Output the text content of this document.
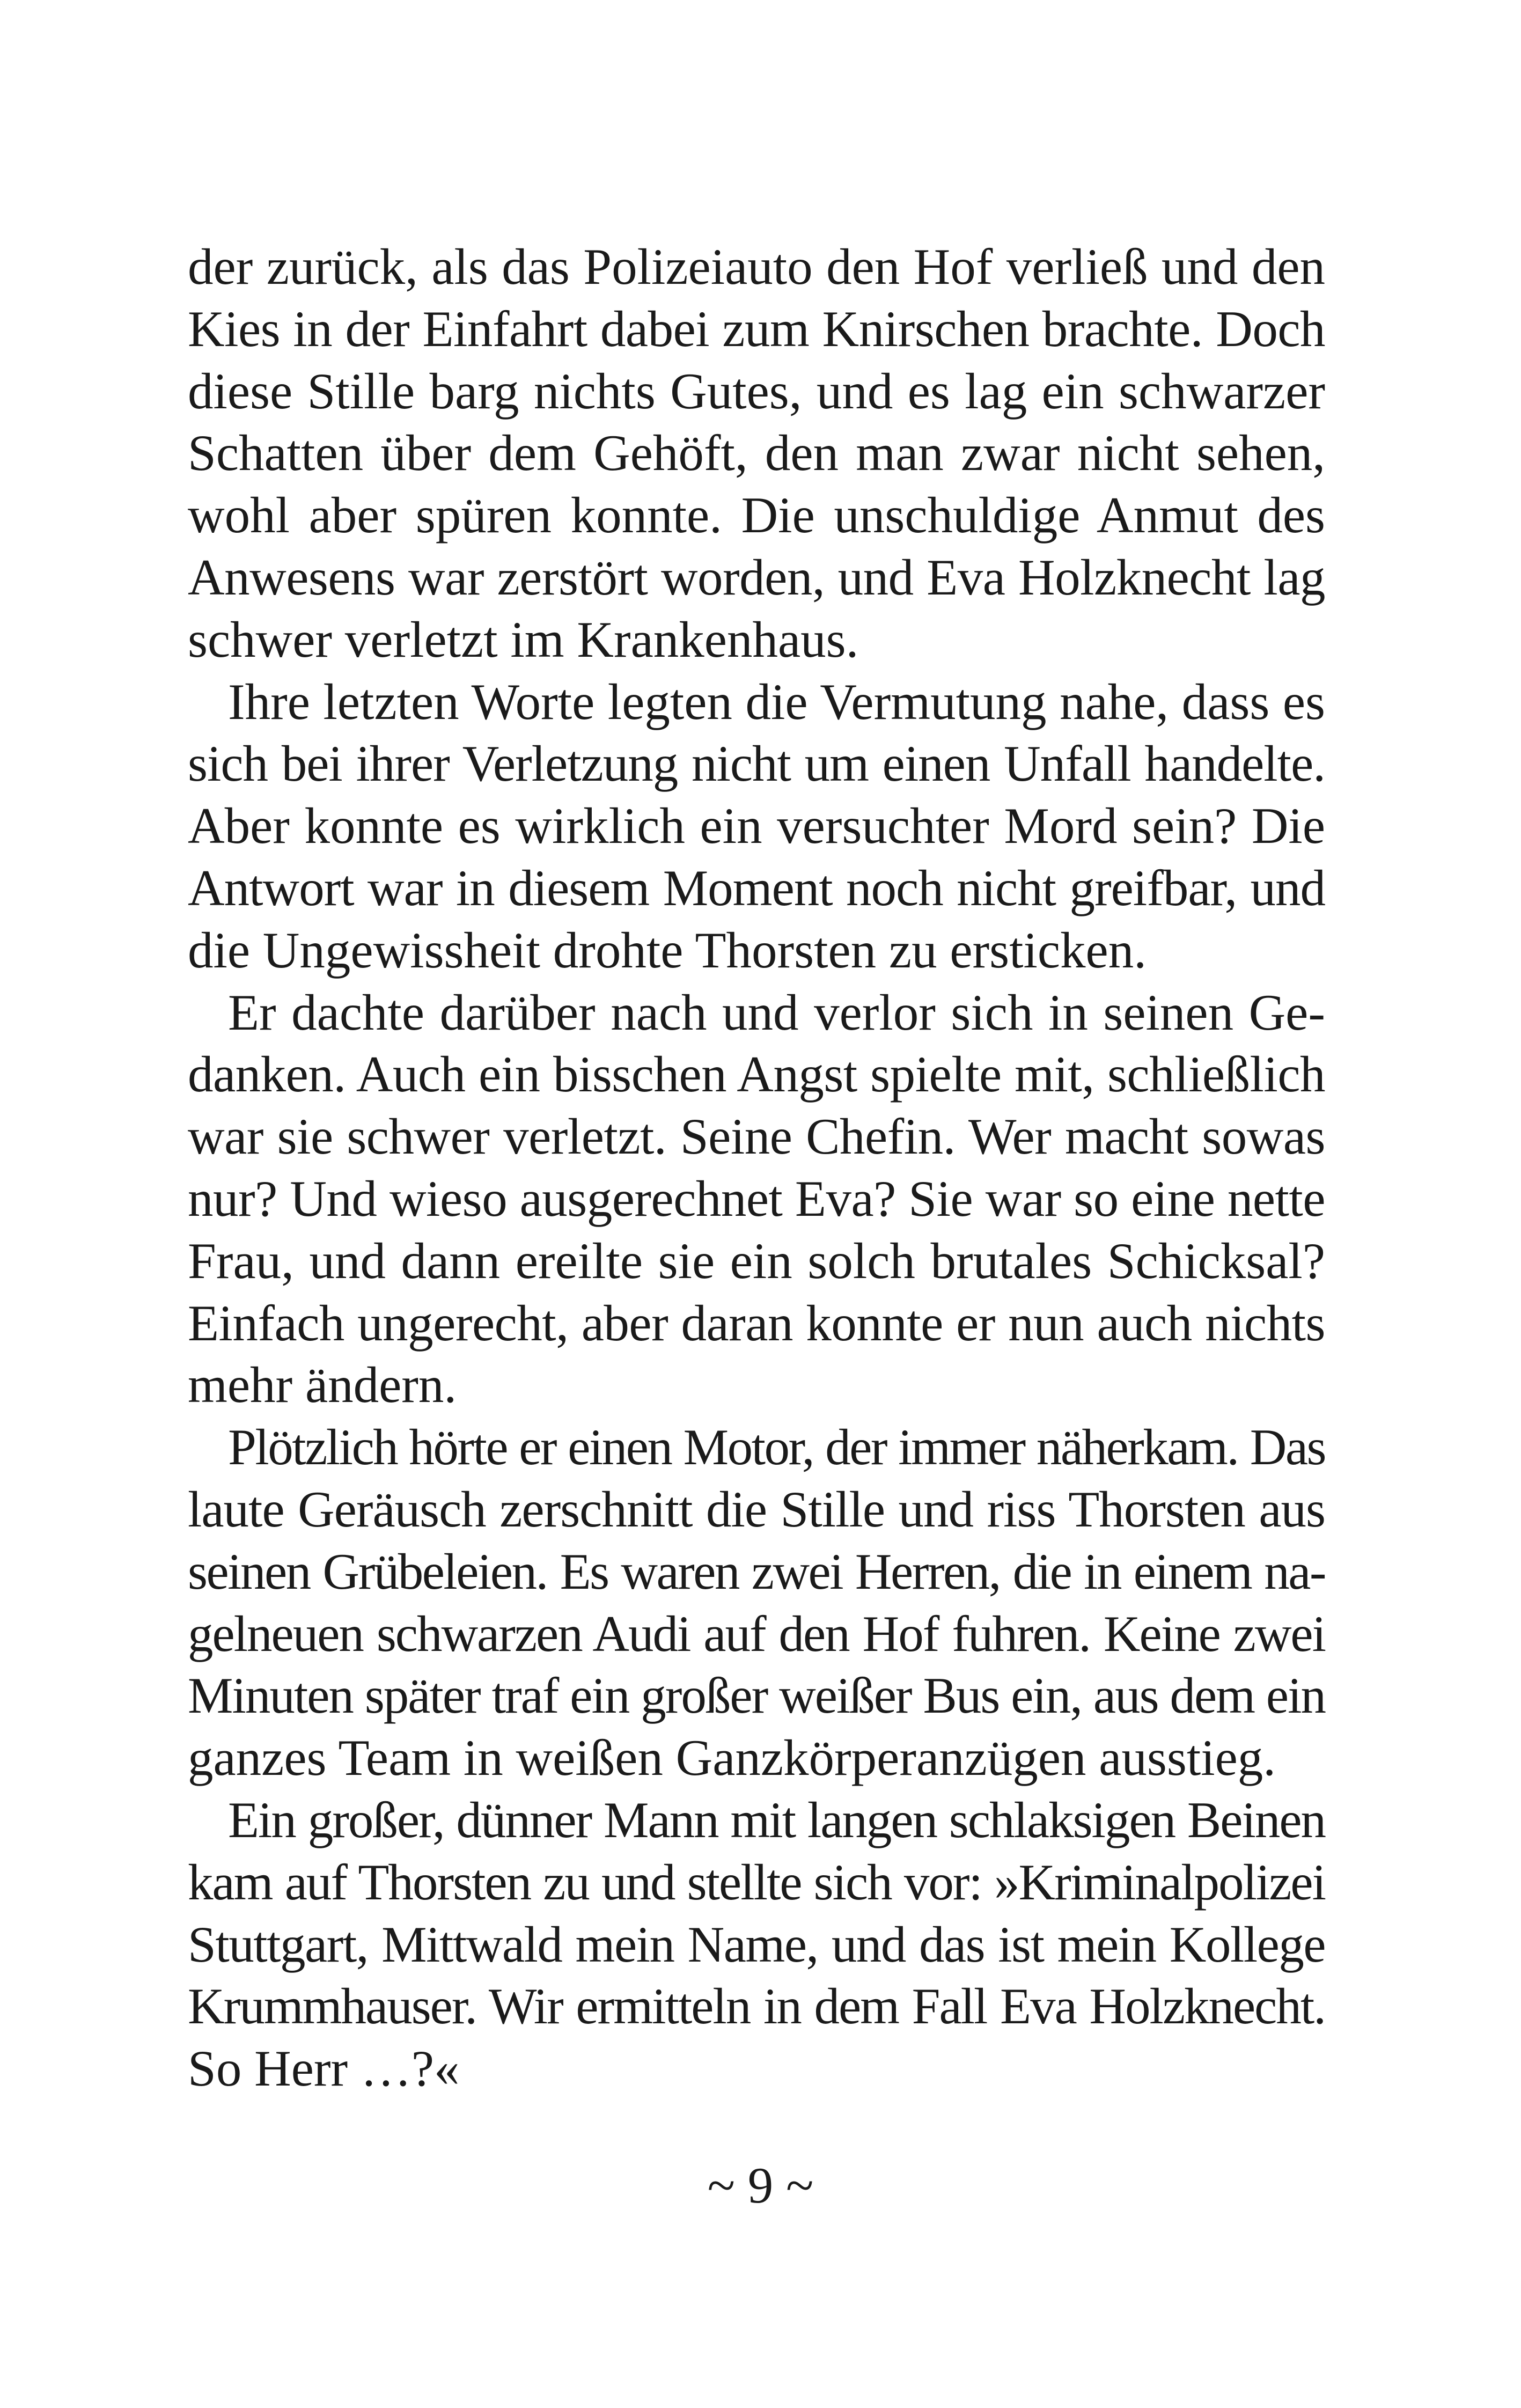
der zurück, als das Polizeiauto den Hof verließ und den
Kies in der Einfahrt dabei zum Knirschen brachte. Doch
diese Stille barg nichts Gutes, und es lag ein schwarzer
Schatten über dem Gehöft, den man zwar nicht sehen,
wohl aber spüren konnte. Die unschuldige Anmut des
Anwesens war zerstört worden, und Eva Holzknecht lag
schwer verletzt im Krankenhaus.

Ihre letzten Worte legten die Vermutung nahe, dass es
sich bei ihrer Verletzung nicht um einen Unfall handelte.
Aber konnte es wirklich ein versuchter Mord sein? Die
Antwort war in diesem Moment noch nicht greifbar, und
die Ungewissheit drohte Thorsten zu ersticken.

Er dachte darüber nach und verlor sich in seinen Ge-
danken. Auch ein bisschen Angst spielte mit, schließlich
war sie schwer verletzt. Seine Chefin. Wer macht sowas
nur? Und wieso ausgerechnet Eva? Sie war so eine nette
Frau, und dann ereilte sie ein solch brutales Schicksal?
Einfach ungerecht, aber daran konnte er nun auch nichts
mehr ändern.

Plötzlich hörte er einen Motor, der immer näherkam. Das
laute Geräusch zerschnitt die Stille und riss Thorsten aus
seinen Grübeleien. Es waren zwei Herren, die in einem na-
gelneuen schwarzen Audi auf den Hof fuhren. Keine zwei
Minuten später traf ein großer weißer Bus ein, aus dem ein
ganzes Team in weißen Ganzkörperanzügen ausstieg.

Ein großer, dünner Mann mit langen schlaksigen Beinen
kam auf Thorsten zu und stellte sich vor: »Kriminalpolizei
Stuttgart, Mittwald mein Name, und das ist mein Kollege
Krummhauser. Wir ermitteln in dem Fall Eva Holzknecht.
So Herr …?«

~ 9 ~
